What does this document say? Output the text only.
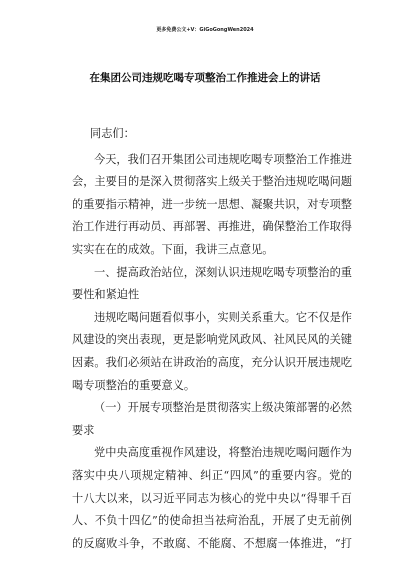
更多免费公文+V：GiGoGongWen2024
在集团公司违规吃喝专项整治工作推进会上的讲话
同志们：
今天，我们召开集团公司违规吃喝专项整治工作推进
会，主要目的是深入贯彻落实上级关于整治违规吃喝问题
的重要指示精神，进一步统一思想、凝聚共识，对专项整
治工作进行再动员、再部署、再推进，确保整治工作取得
实实在在的成效。下面，我讲三点意见。
一、提高政治站位，深刻认识违规吃喝专项整治的重
要性和紧迫性
违规吃喝问题看似事小，实则关系重大。它不仅是作
风建设的突出表现，更是影响党风政风、社风民风的关键
因素。我们必须站在讲政治的高度，充分认识开展违规吃
喝专项整治的重要意义。
（一）开展专项整治是贯彻落实上级决策部署的必然
要求
党中央高度重视作风建设，将整治违规吃喝问题作为
落实中央八项规定精神、纠正“四风”的重要内容。党的
十八大以来，以习近平同志为核心的党中央以“得罪千百
人、不负十四亿”的使命担当祛疴治乱，开展了史无前例
的反腐败斗争，不敢腐、不能腐、不想腐一体推进，“打
